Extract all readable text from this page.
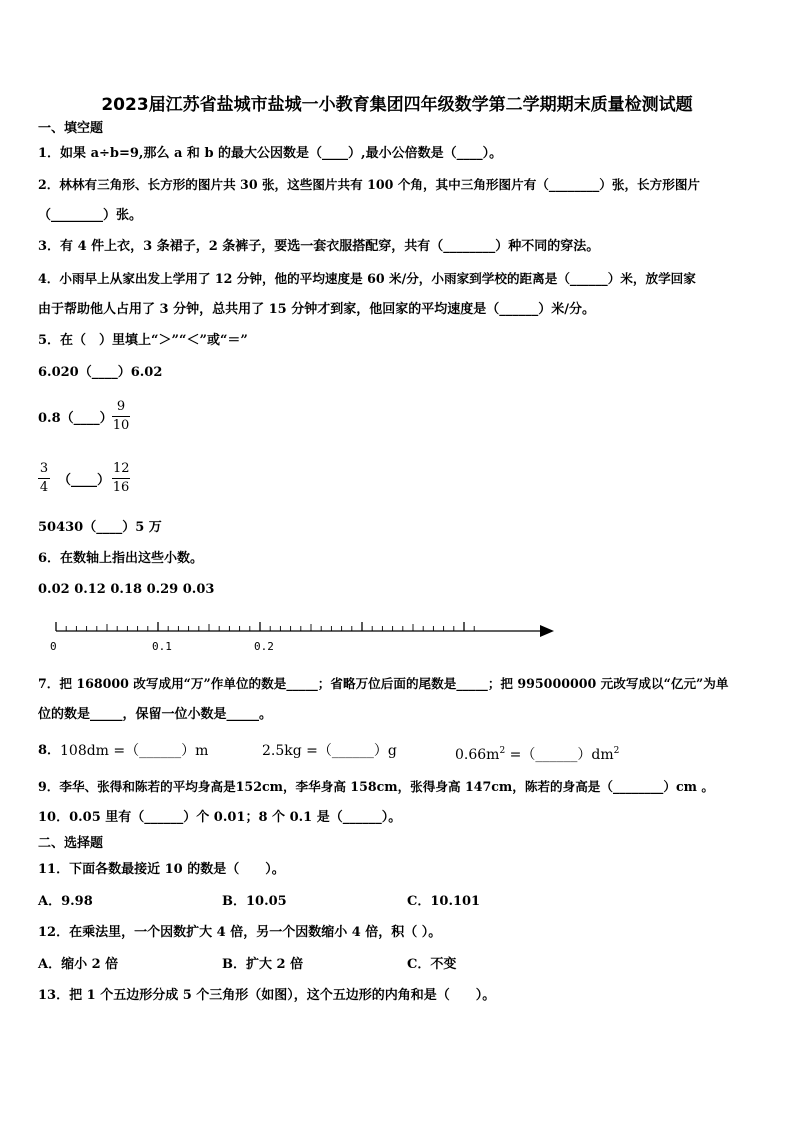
2023届江苏省盐城市盐城一小教育集团四年级数学第二学期期末质量检测试题
一、填空题
1．如果 a÷b=9,那么 a 和 b 的最大公因数是（____）,最小公倍数是（____）。
2．林林有三角形、长方形的图片共 30 张，这些图片共有 100 个角，其中三角形图片有（________）张，长方形图片
（________）张。
3．有 4 件上衣，3 条裙子，2 条裤子，要选一套衣服搭配穿，共有（________）种不同的穿法。
4．小雨早上从家出发上学用了 12 分钟，他的平均速度是 60 米/分，小雨家到学校的距离是（______）米，放学回家
由于帮助他人占用了 3 分钟，总共用了 15 分钟才到家，他回家的平均速度是（______）米/分。
5．在（　）里填上“＞”“＜”或“＝”
6.020（____）6.02
0.8（____）
9
10
3
4 （____）
12
16
50430（____）5 万
6．在数轴上指出这些小数。
0.02 0.12 0.18 0.29 0.03
0	0.1	0.2
7．把 168000 改写成用“万”作单位的数是_____；省略万位后面的尾数是_____；把 995000000 元改写成以“亿元”为单
位的数是_____，保留一位小数是_____。
8． 108dm =（______）m	2.5kg =（______）g	$0.66m^2$ $=(\_\_\_\_\_\_)dm^2$
9．李华、张得和陈若的平均身高是152cm，李华身高 158cm，张得身高 147cm，陈若的身高是（________）cm 。
10．0.05 里有（______）个 0.01；8 个 0.1 是（______）。
二、选择题
11．下面各数最接近 10 的数是（　　）。
A．9.98	B．10.05	C．10.101
12．在乘法里，一个因数扩大 4 倍，另一个因数缩小 4 倍，积（ ）。
A．缩小 2 倍	B．扩大 2 倍	C．不变
13．把 1 个五边形分成 5 个三角形（如图），这个五边形的内角和是（　　）。
